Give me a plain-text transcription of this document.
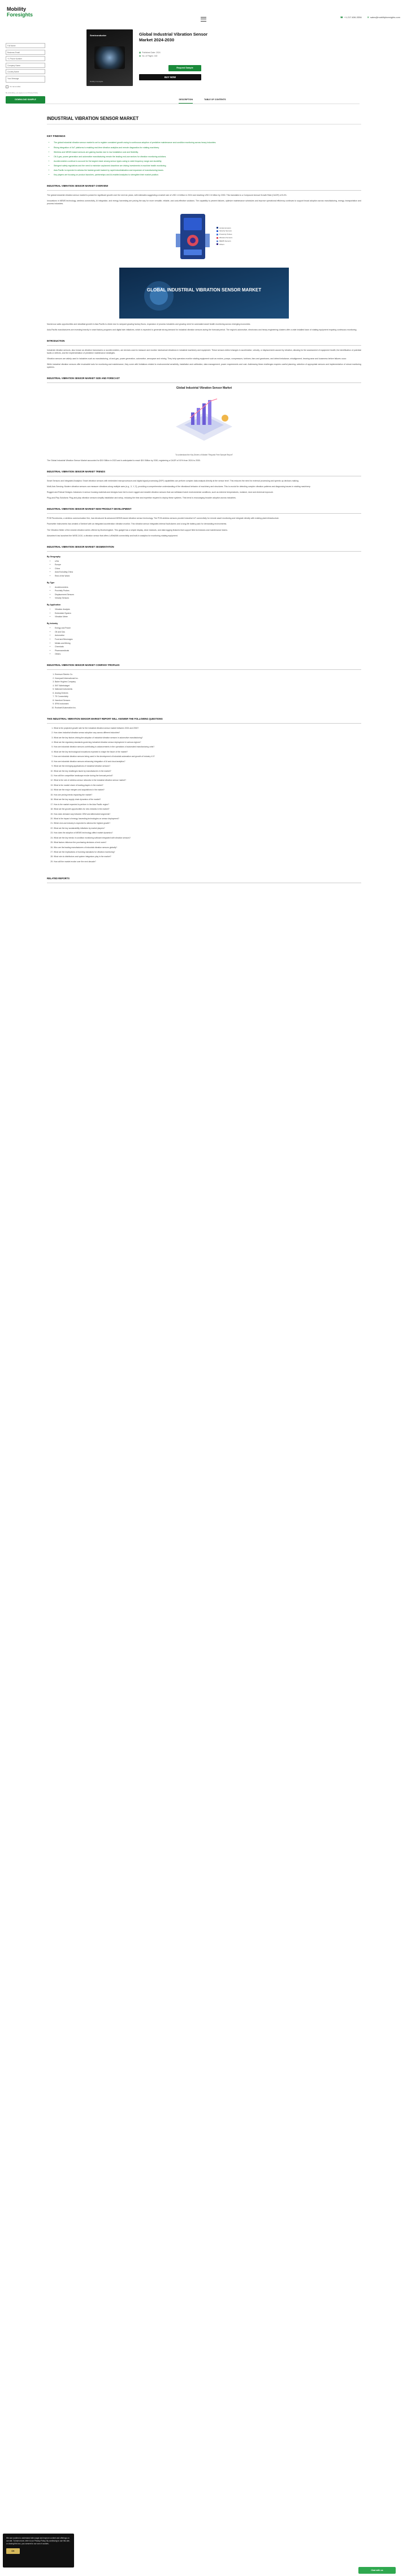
Mobility
Foresights	☎ +1-217-636-3356	✉ sales@mobilityforesights.com
Full Name
Business Email
+1 Phone Number
Company Name
Country Name
Your Message
I'm not a robot
By submitting, you agree to our Privacy Policy.
DOWNLOAD SAMPLE
Semiconductor
Mobility Foresights
Global Industrial Vibration Sensor Market 2024-2030
▦ Published Date: 2024
▤ No. of Pages: 160
Request Sample
BUY NOW
DESCRIPTION	TABLE OF CONTENTS
INDUSTRIAL VIBRATION SENSOR MARKET
KEY FINDINGS
• The global industrial vibration sensor market is set to register consistent growth owing to continuous adoption of predictive maintenance and condition monitoring across heavy industries.
• Rising integration of IIoT platforms is enabling real-time vibration analytics and remote diagnostics for rotating machinery.
• Wireless and MEMS-based sensors are gaining traction due to low installation cost and flexibility.
• Oil & gas, power generation and automotive manufacturing remain the leading end-use sectors for vibration monitoring solutions.
• Accelerometers continue to account for the largest share among sensor types owing to wide frequency range and durability.
• Stringent safety regulations and the need to minimize unplanned downtime are driving investments in machine health monitoring.
• Asia Pacific is expected to witness the fastest growth backed by rapid industrialization and expansion of manufacturing bases.
• Key players are focusing on product launches, partnerships and AI-enabled analytics to strengthen their market position.
INDUSTRIAL VIBRATION SENSOR MARKET OVERVIEW
The global industrial vibration sensor market is poised for significant growth over the next six years, with estimates suggesting a market size of USD 1.6 billion in 2024 and reaching USD 2.6 billion by 2030. This translates to a Compound Annual Growth Rate (CAGR) of 8.4%.
Innovations in MEMS technology, wireless connectivity, AI integration, and energy harvesting are paving the way for more versatile, reliable, and cost-effective solutions. The capability to prevent failures, optimize maintenance schedules and improve operational efficiency continues to support broad adoption across manufacturing, energy, transportation and process industries.
Accelerometers
Velocity Sensors
Proximity Probes
Wireless Sensors
MEMS Sensors
Others
GLOBAL INDUSTRIAL VIBRATION SENSOR MARKET
Numerous sales opportunities and steadfast growth in Asia Pacific is driven due to rampant growing factory floors, expansion of process industries and growing need for automated asset health monitoring across emerging economies.
Asia-Pacific manufacturers are investing heavily in smart factory programs and digital twin initiatives, which is expected to generate strong demand for industrial vibration sensors during the forecast period. The region's automotive, electronics and heavy engineering clusters offer a wide installed base of rotating equipment requiring continuous monitoring.
INTRODUCTION
Industrial vibration sensors, also known as vibration transducers or accelerometers, are devices used to measure and monitor mechanical vibrations in industrial machinery and equipment. These sensors detect changes in acceleration, velocity, or displacement caused by vibration, allowing for the assessment of equipment health, the identification of potential faults or defects, and the implementation of predictive maintenance strategies.
Vibration sensors are widely used in industries such as manufacturing, oil and gas, power generation, automotive, aerospace and mining. They help operators monitor rotating equipment such as motors, pumps, compressors, turbines, fans and gearboxes, and detect imbalance, misalignment, bearing wear and looseness before failures occur.
While industrial vibration sensors offer invaluable tools for monitoring and maintenance, they come with limitations related to environmental sensitivity, installation and calibration, data management, power requirements and cost. Addressing these challenges requires careful planning, selection of appropriate sensors and implementation of robust monitoring systems.
INDUSTRIAL VIBRATION SENSOR MARKET SIZE AND FORECAST
Global Industrial Vibration Sensor Market
To understand the Key Drivers of Market "Request Free Sample Report"
The Global Industrial Vibration Sensor Market accounted for $XX Billion in 2023 and is anticipated to reach $XX Billion by 2030, registering a CAGR of XX% from 2024 to 2030.
INDUSTRIAL VIBRATION SENSOR MARKET TRENDS
Smart Sensors and Integrated Analytics: Smart vibration sensors with embedded microprocessors and digital signal processing (DSP) capabilities can perform complex data analysis directly at the sensor level. This reduces the need for external processing and speeds up decision-making.
Multi-Axis Sensing: Modern vibration sensors can measure vibrations along multiple axes (e.g., X, Y, Z), providing a comprehensive understanding of the vibrational behavior of machinery and structures. This is crucial for detecting complex vibration patterns and diagnosing issues in rotating machinery.
Rugged and Robust Designs: Advances in sensor housing materials and designs have led to more rugged and durable vibration sensors that can withstand harsh environmental conditions, such as extreme temperatures, moisture, dust and chemical exposure.
Plug-and-Play Solutions: Plug-and-play vibration sensors simplify installation and setup, reducing the time and expertise required to deploy these systems. This trend is encouraging broader adoption across industries.
INDUSTRIAL VIBRATION SENSOR MARKET NEW PRODUCT DEVELOPMENT
PCB Piezotronics, a wireless communication firm, has introduced its advanced MEMS-based vibration sensor technology. The PCB wireless sensors provide Industrial IoT connectivity for remote asset monitoring and integrate directly with existing plant infrastructure.
Pacesetter Instruments has created a Sentinel with an integrated acceleration vibration monitor. This vibration sensor integrates internal fault alarms and a long-life battery pack for demanding environments.
The Vibration Meter of the newest vibration series offered by Monitoringtech. This gadget has a simple display, clear readouts, and data logging features that support field technicians and maintenance teams.
Advantech has launched the WISE-2410, a vibration sensor that offers LoRaWAN connectivity and built-in analytics for monitoring rotating equipment.
INDUSTRIAL VIBRATION SENSOR MARKET SEGMENTATION
By Geography
• USA
• Europe
• China
• Asia Excluding China
• Rest of the World
By Type
• Accelerometers
• Proximity Probes
• Displacement Sensors
• Velocity Sensors
By Application
• Vibration Analysis
• Embedded System
• Vibration Meter
By Industry
• Energy and Power
• Oil and Gas
• Automotive
• Food and Beverages
• Metals and Mining
• Chemicals
• Pharmaceuticals
• Others
INDUSTRIAL VIBRATION SENSOR MARKET COMPANY PROFILES
1. Emerson Electric Co.
2. Honeywell International Inc.
3. Baker Hughes Company
4. SKF Aktiebolaget
5. National Instruments
6. Analog Devices
7. TE Connectivity
8. Hansford Sensors
9. SPM Instrument
10. Rockwell Automation Inc.
THIS INDUSTRIAL VIBRATION SENSOR MARKET REPORT WILL ANSWER THE FOLLOWING QUESTIONS
1. What is the projected growth rate for the industrial vibration sensor market between 2024 and 2030?
2. How does industrial vibration sensor adoption vary across different industries?
3. What are the key factors driving the adoption of industrial vibration sensors in automotive manufacturing?
4. What are the regulatory standards governing industrial vibration sensor deployment in various regions?
5. How are industrial vibration sensors contributing to advancements in the operations of automated manufacturing units?
6. What are the key technological innovations expected to shape the future of the market?
7. How are industrial vibration sensors being used in the development of industrial automation and growth of Industry 4.0?
8. How are industrial vibration sensors enhancing integration of AI and cloud analytics?
9. What are the emerging applications of industrial vibration sensors?
10. What are the key challenges faced by manufacturers in the market?
11. How will the competitive landscape evolve during the forecast period?
12. What is the role of wireless sensor networks in the industrial vibration sensor market?
13. What is the market share of leading players in the market?
14. What are the major mergers and acquisitions in the market?
15. How are pricing trends impacting the market?
16. What are the key supply chain dynamics of the market?
17. How is the market expected to perform in the Asia Pacific region?
18. What are the growth opportunities for new entrants in the market?
19. How does demand vary between OEM and aftermarket segments?
20. What is the impact of energy harvesting technologies on sensor deployment?
21. Which end-use industry is expected to witness the highest growth?
22. What are the key sustainability initiatives by market players?
23. How does the adoption of MEMS technology affect market dynamics?
24. What are the key trends in condition monitoring software integrated with vibration sensors?
25. What factors influence the purchasing decisions of end users?
26. Who are the leading manufacturers of industrial vibration sensors globally?
27. What are the implications of evolving standards for vibration monitoring?
28. What role do distributors and system integrators play in the market?
29. How will the market evolve over the next decade?
RELATED REPORTS
We use cookies to understand site usage and improve content and offerings on our site. To learn more, refer to our Privacy Policy. By continuing to use this site, or closing this box, you consent to our use of cookies.
OK
Chat with us
